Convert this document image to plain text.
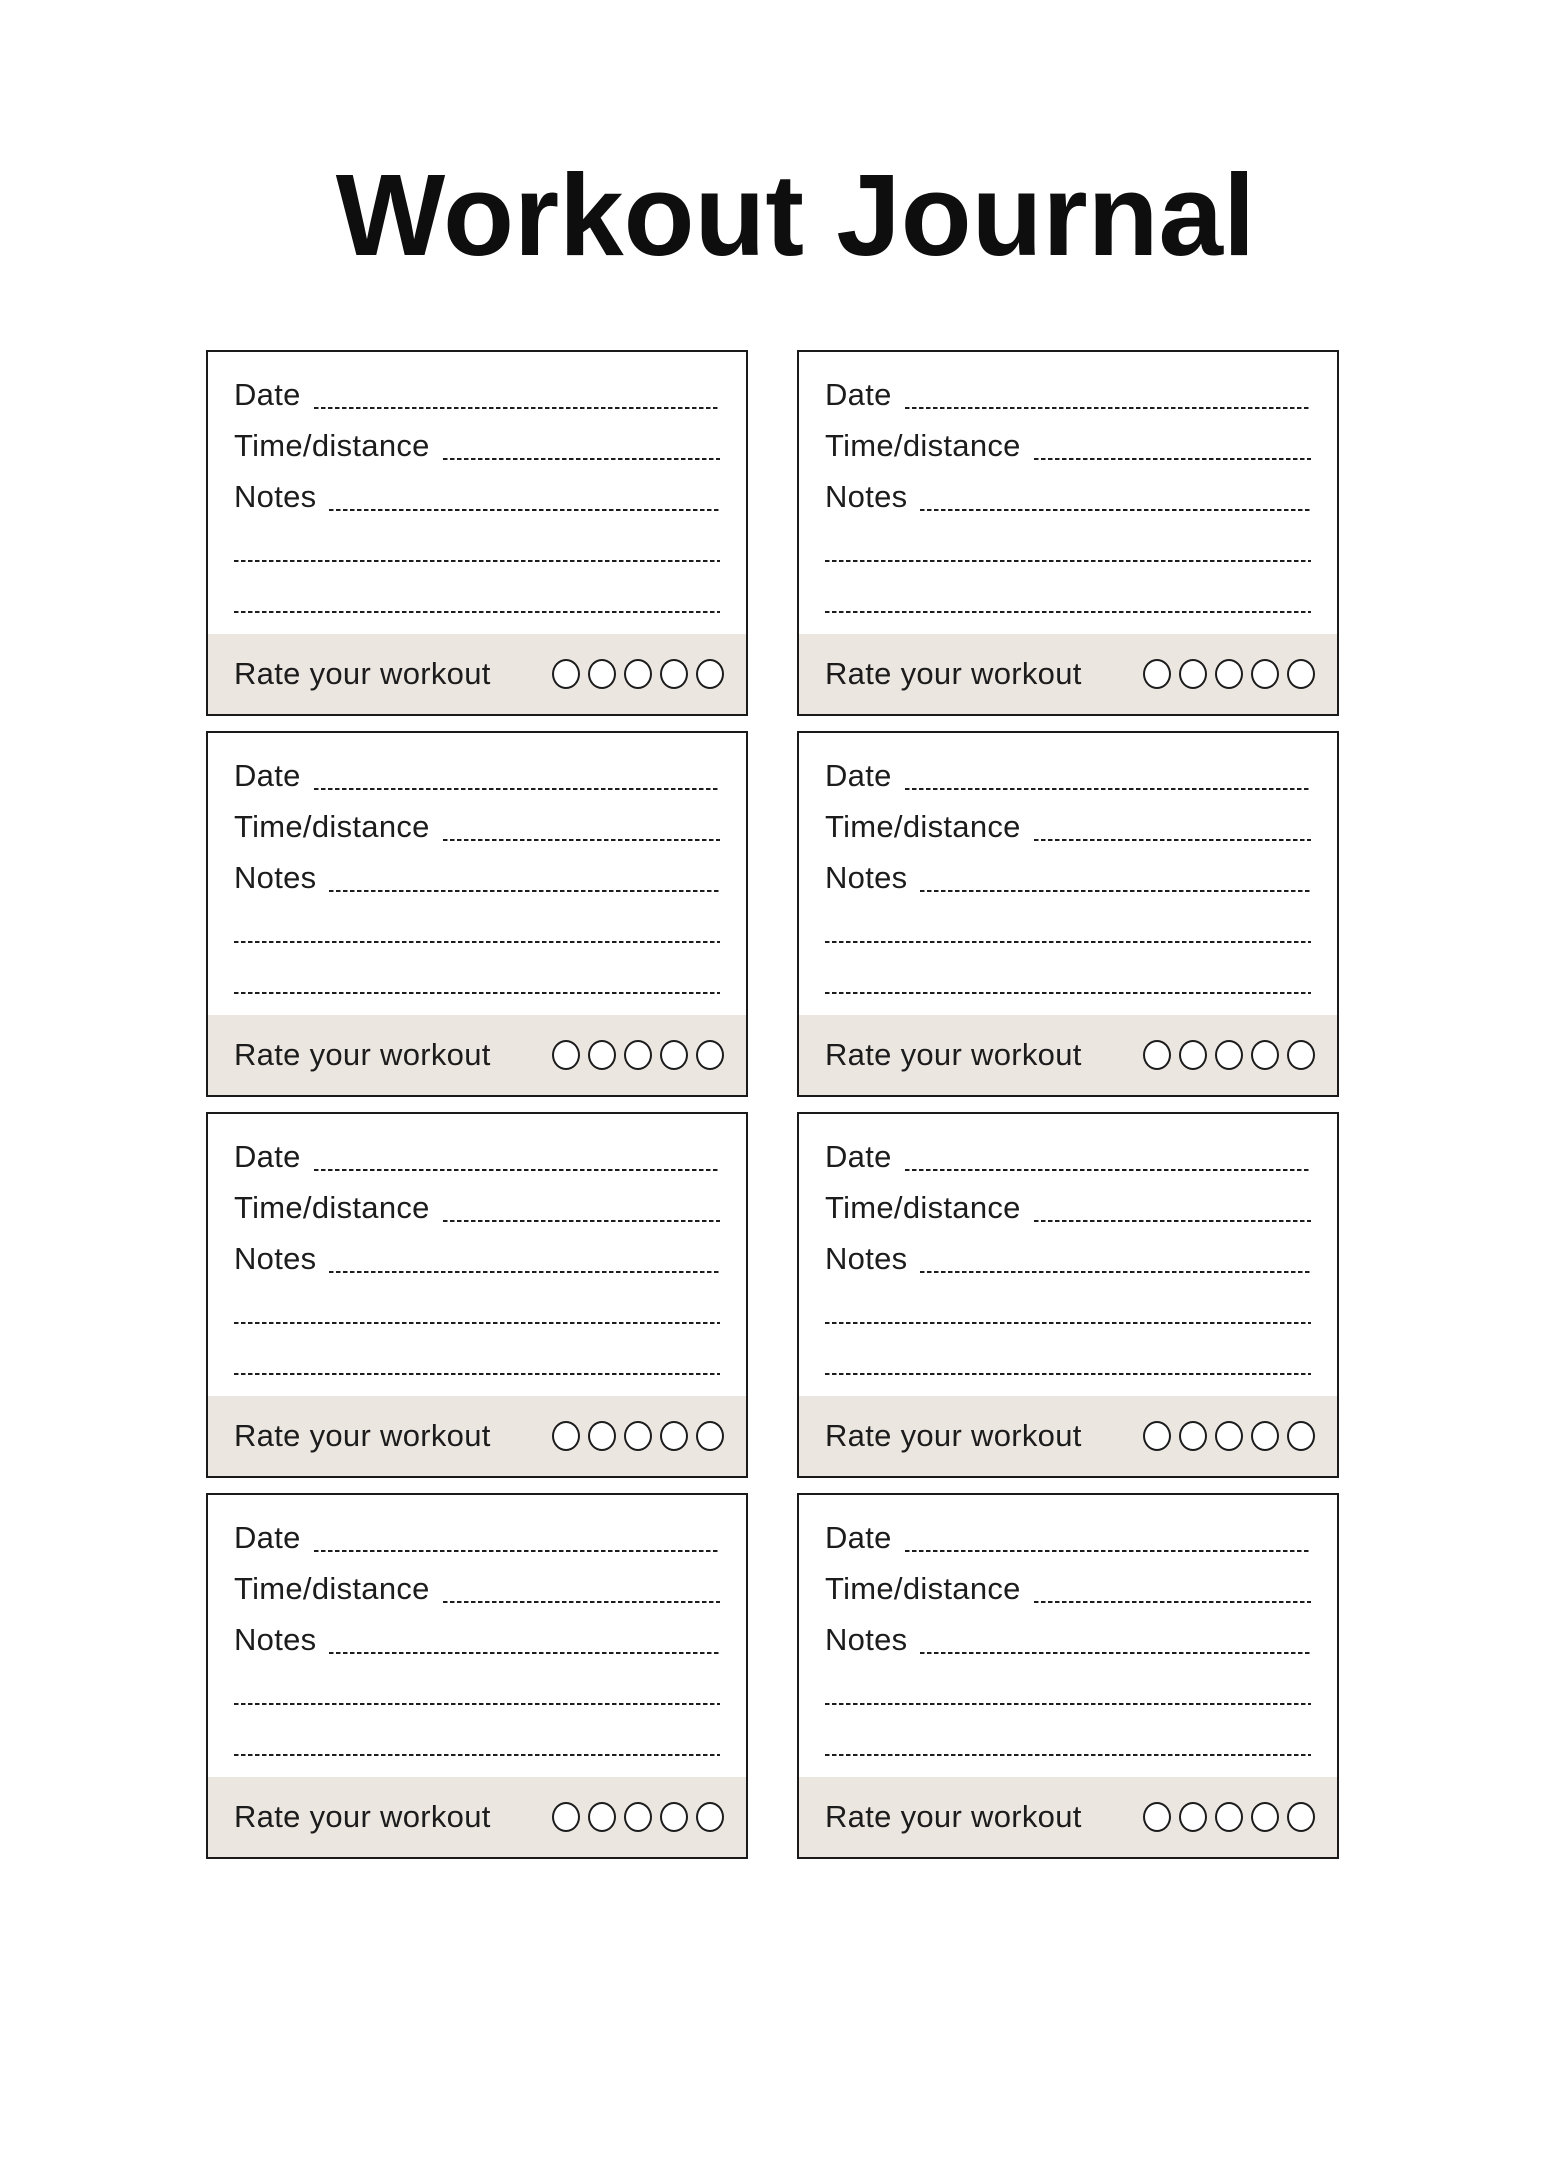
Workout Journal
Date
Time/distance
Notes
Rate your workout
Date
Time/distance
Notes
Rate your workout
Date
Time/distance
Notes
Rate your workout
Date
Time/distance
Notes
Rate your workout
Date
Time/distance
Notes
Rate your workout
Date
Time/distance
Notes
Rate your workout
Date
Time/distance
Notes
Rate your workout
Date
Time/distance
Notes
Rate your workout
